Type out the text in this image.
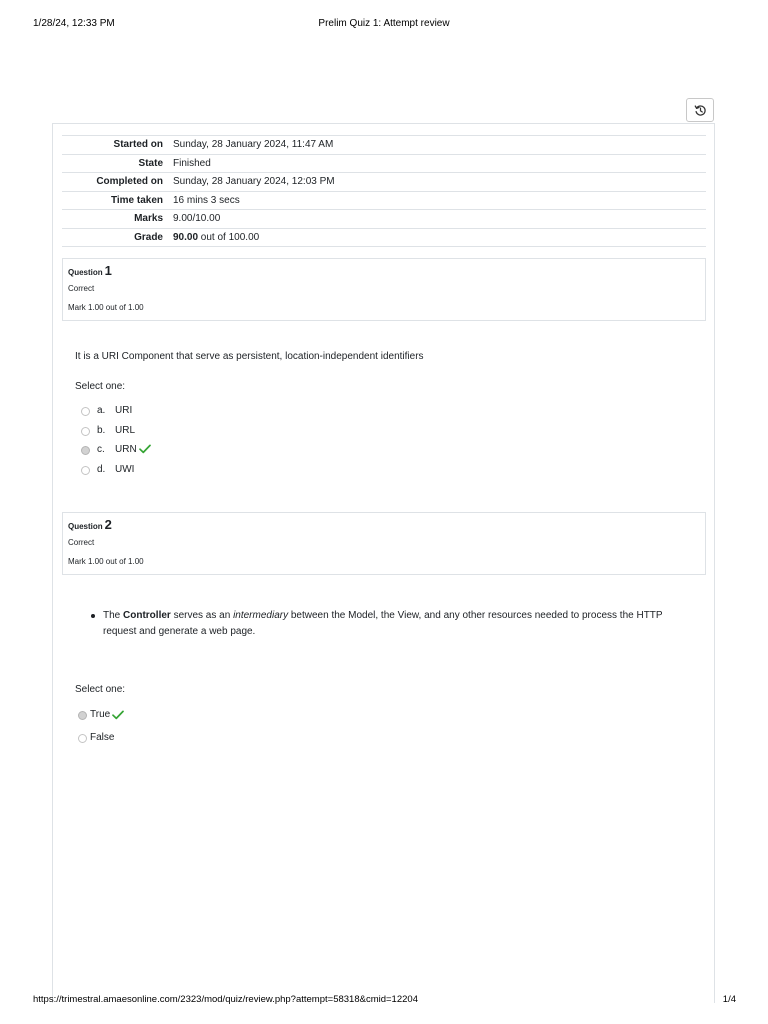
1/28/24, 12:33 PM	Prelim Quiz 1: Attempt review
Started on	Sunday, 28 January 2024, 11:47 AM
State	Finished
Completed on	Sunday, 28 January 2024, 12:03 PM
Time taken	16 mins 3 secs
Marks	9.00/10.00
Grade	90.00 out of 100.00
Question 1
Correct
Mark 1.00 out of 1.00
It is a URI Component that serve as persistent, location-independent identifiers
Select one:
a. URI
b. URL
c. URN
d. UWI
Question 2
Correct
Mark 1.00 out of 1.00
The Controller serves as an intermediary between the Model, the View, and any other resources needed to process the HTTP request and generate a web page.
Select one:
True
False
https://trimestral.amaesonline.com/2323/mod/quiz/review.php?attempt=58318&cmid=12204	1/4
